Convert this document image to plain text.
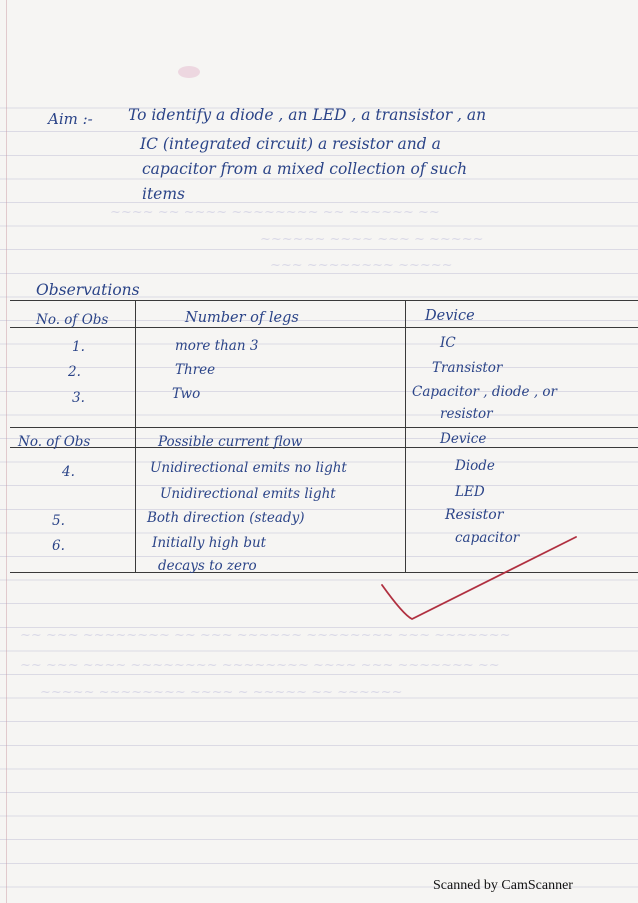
~~~~ ~~ ~~~~ ~~~~~~~~ ~~ ~~~~~~ ~~
~~~~~~ ~~~~ ~~~ ~ ~~~~~
~~~ ~~~~~~~~ ~~~~~
~~ ~~~ ~~~~~~~~ ~~ ~~~ ~~~~~~ ~~~~~~~~ ~~~ ~~~~~~~
~~ ~~~ ~~~~ ~~~~~~~~ ~~~~~~~~ ~~~~ ~~~ ~~~~~~~ ~~
~~~~~ ~~~~~~~~ ~~~~ ~ ~~~~~ ~~ ~~~~~~
Aim :- To identify a diode , an LED , a transistor , an
IC (integrated circuit) a resistor and a
capacitor from a mixed collection of such
items
Observations
No. of Obs	Number of legs	Device
1.	more than 3	IC
2.	Three	Transistor
3.	Two	Capacitor , diode , or
resistor
No. of Obs	Possible current flow	Device
4.	Unidirectional emits no light	Diode
Unidirectional emits light	LED
5.	Both direction (steady)	Resistor
6.	Initially high but	capacitor
decays to zero
Scanned by CamScanner
